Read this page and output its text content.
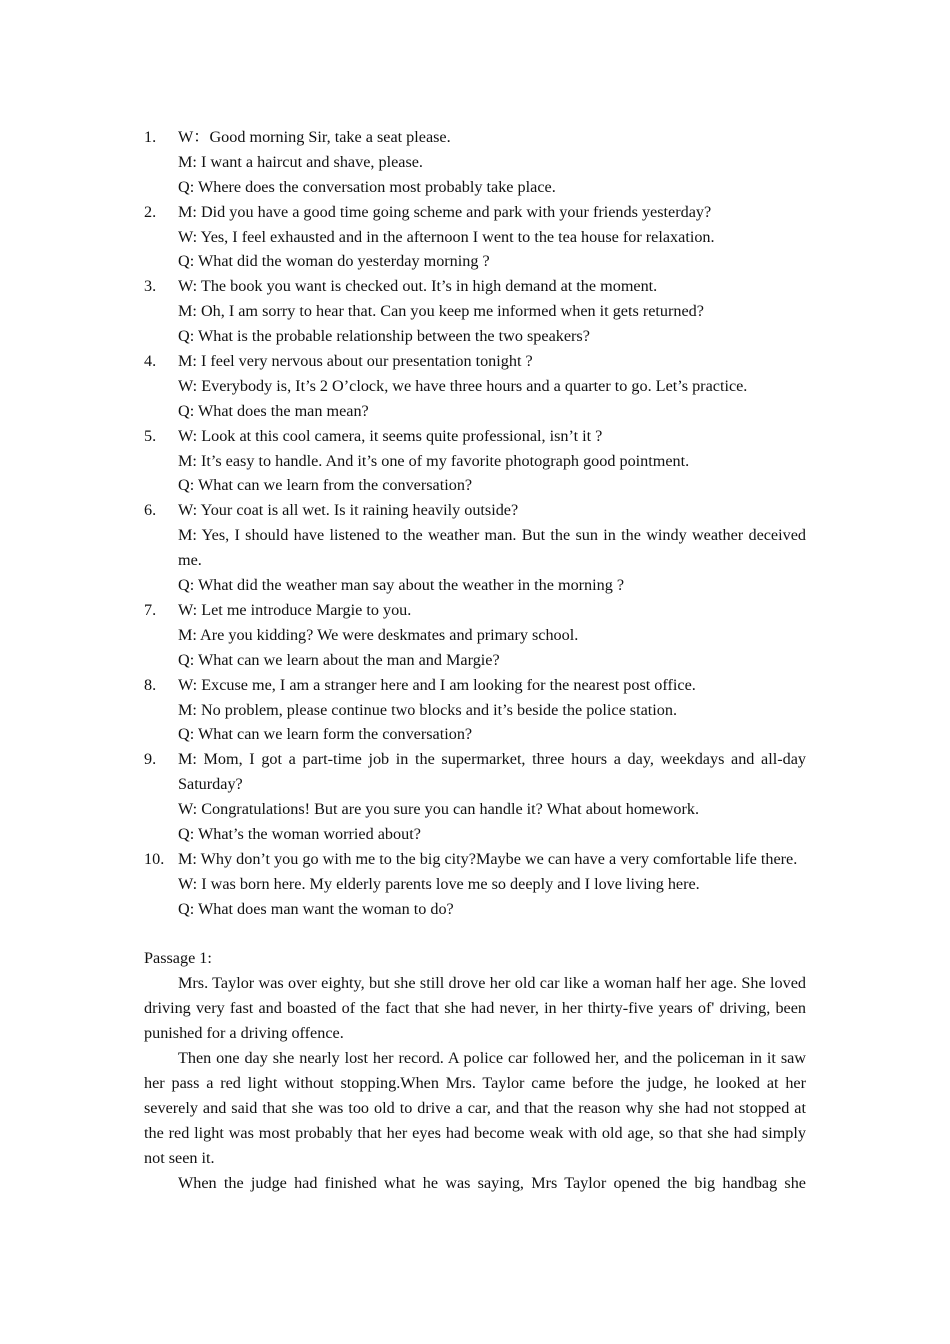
1. W：Good morning Sir, take a seat please.
M: I want a haircut and shave, please.
Q: Where does the conversation most probably take place.
2. M: Did you have a good time going scheme and park with your friends yesterday?
W: Yes, I feel exhausted and in the afternoon I went to the tea house for relaxation.
Q: What did the woman do yesterday morning ?
3. W: The book you want is checked out. It’s in high demand at the moment.
M: Oh, I am sorry to hear that. Can you keep me informed when it gets returned?
Q: What is the probable relationship between the two speakers?
4. M: I feel very nervous about our presentation tonight ?
W: Everybody is, It’s 2 O’clock, we have three hours and a quarter to go. Let’s practice.
Q: What does the man mean?
5. W: Look at this cool camera, it seems quite professional, isn’t it ?
M: It’s easy to handle. And it’s one of my favorite photograph good pointment.
Q: What can we learn from the conversation?
6. W: Your coat is all wet. Is it raining heavily outside?

M: Yes, I should have listened to the weather man. But the sun in the windy weather deceived me.

Q: What did the weather man say about the weather in the morning ?
7. W: Let me introduce Margie to you.
M: Are you kidding? We were deskmates and primary school.
Q: What can we learn about the man and Margie?
8. W: Excuse me, I am a stranger here and I am looking for the nearest post office.
M: No problem, please continue two blocks and it’s beside the police station.
Q: What can we learn form the conversation?
9.	M: Mom, I got a part-time job in the supermarket, three hours a day, weekdays and all-day Saturday?

W: Congratulations! But are you sure you can handle it? What about homework.
Q: What’s the woman worried about?
10. M: Why don’t you go with me to the big city?Maybe we can have a very comfortable life there.

W: I was born here. My elderly parents love me so deeply and I love living here.
Q: What does man want the woman to do?

Passage 1:

Mrs. Taylor was over eighty, but she still drove her old car like a woman half her age. She loved driving very fast and boasted of the fact that she had never, in her thirty-five years of' driving, been punished for a driving offence.

Then one day she nearly lost her record. A police car followed her, and the policeman in it saw her pass a red light without stopping.When Mrs. Taylor came before the judge, he looked at her severely and said that she was too old to drive a car, and that the reason why she had not stopped at the red light was most probably that her eyes had become weak with old age, so that she had simply not seen it.

When the judge had finished what he was saying, Mrs Taylor opened the big handbag she
